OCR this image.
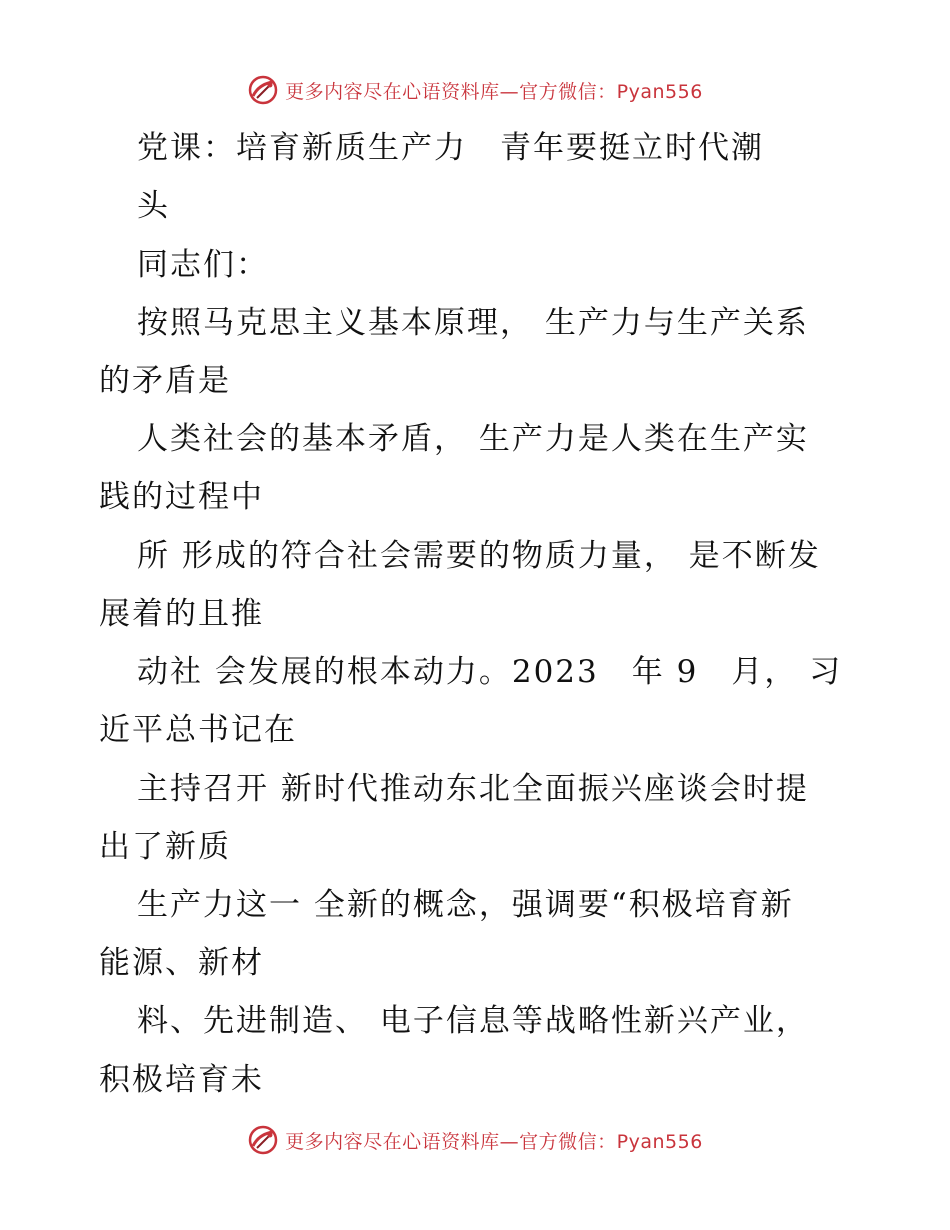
更多内容尽在心语资料库—官方微信：Pyan556
党课：培育新质生产力　青年要挺立时代潮
头
同志们：
按照马克思主义基本原理， 生产力与生产关系
的矛盾是
人类社会的基本矛盾， 生产力是人类在生产实
践的过程中
所 形成的符合社会需要的物质力量， 是不断发
展着的且推
动社 会发展的根本动力。2023　年 9　月， 习
近平总书记在
主持召开 新时代推动东北全面振兴座谈会时提
出了新质
生产力这一 全新的概念，强调要“积极培育新
能源、新材
料、先进制造、 电子信息等战略性新兴产业，
积极培育未
更多内容尽在心语资料库—官方微信：Pyan556
